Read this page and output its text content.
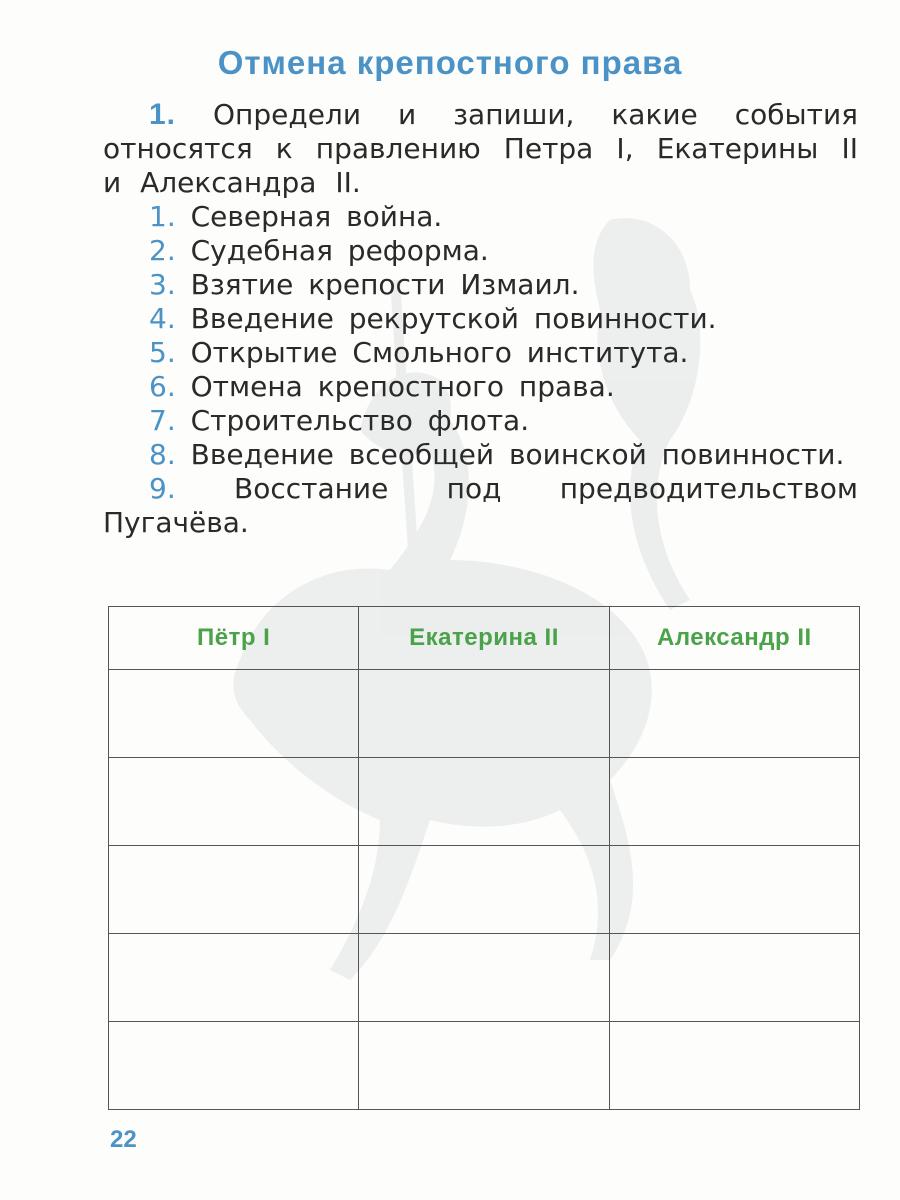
Отмена крепостного права

1. Определи и запиши, какие события относятся к правлению Петра I, Екатерины II и Александра II.

1. Северная война.

2. Судебная реформа.

3. Взятие крепости Измаил.

4. Введение рекрутской повинности.

5. Открытие Смольного института.

6. Отмена крепостного права.

7. Строительство флота.

8. Введение всеобщей воинской повинности.

9. Восстание под предводительством Пугачёва.

Пётр I	Екатерина II	Александр II

22
